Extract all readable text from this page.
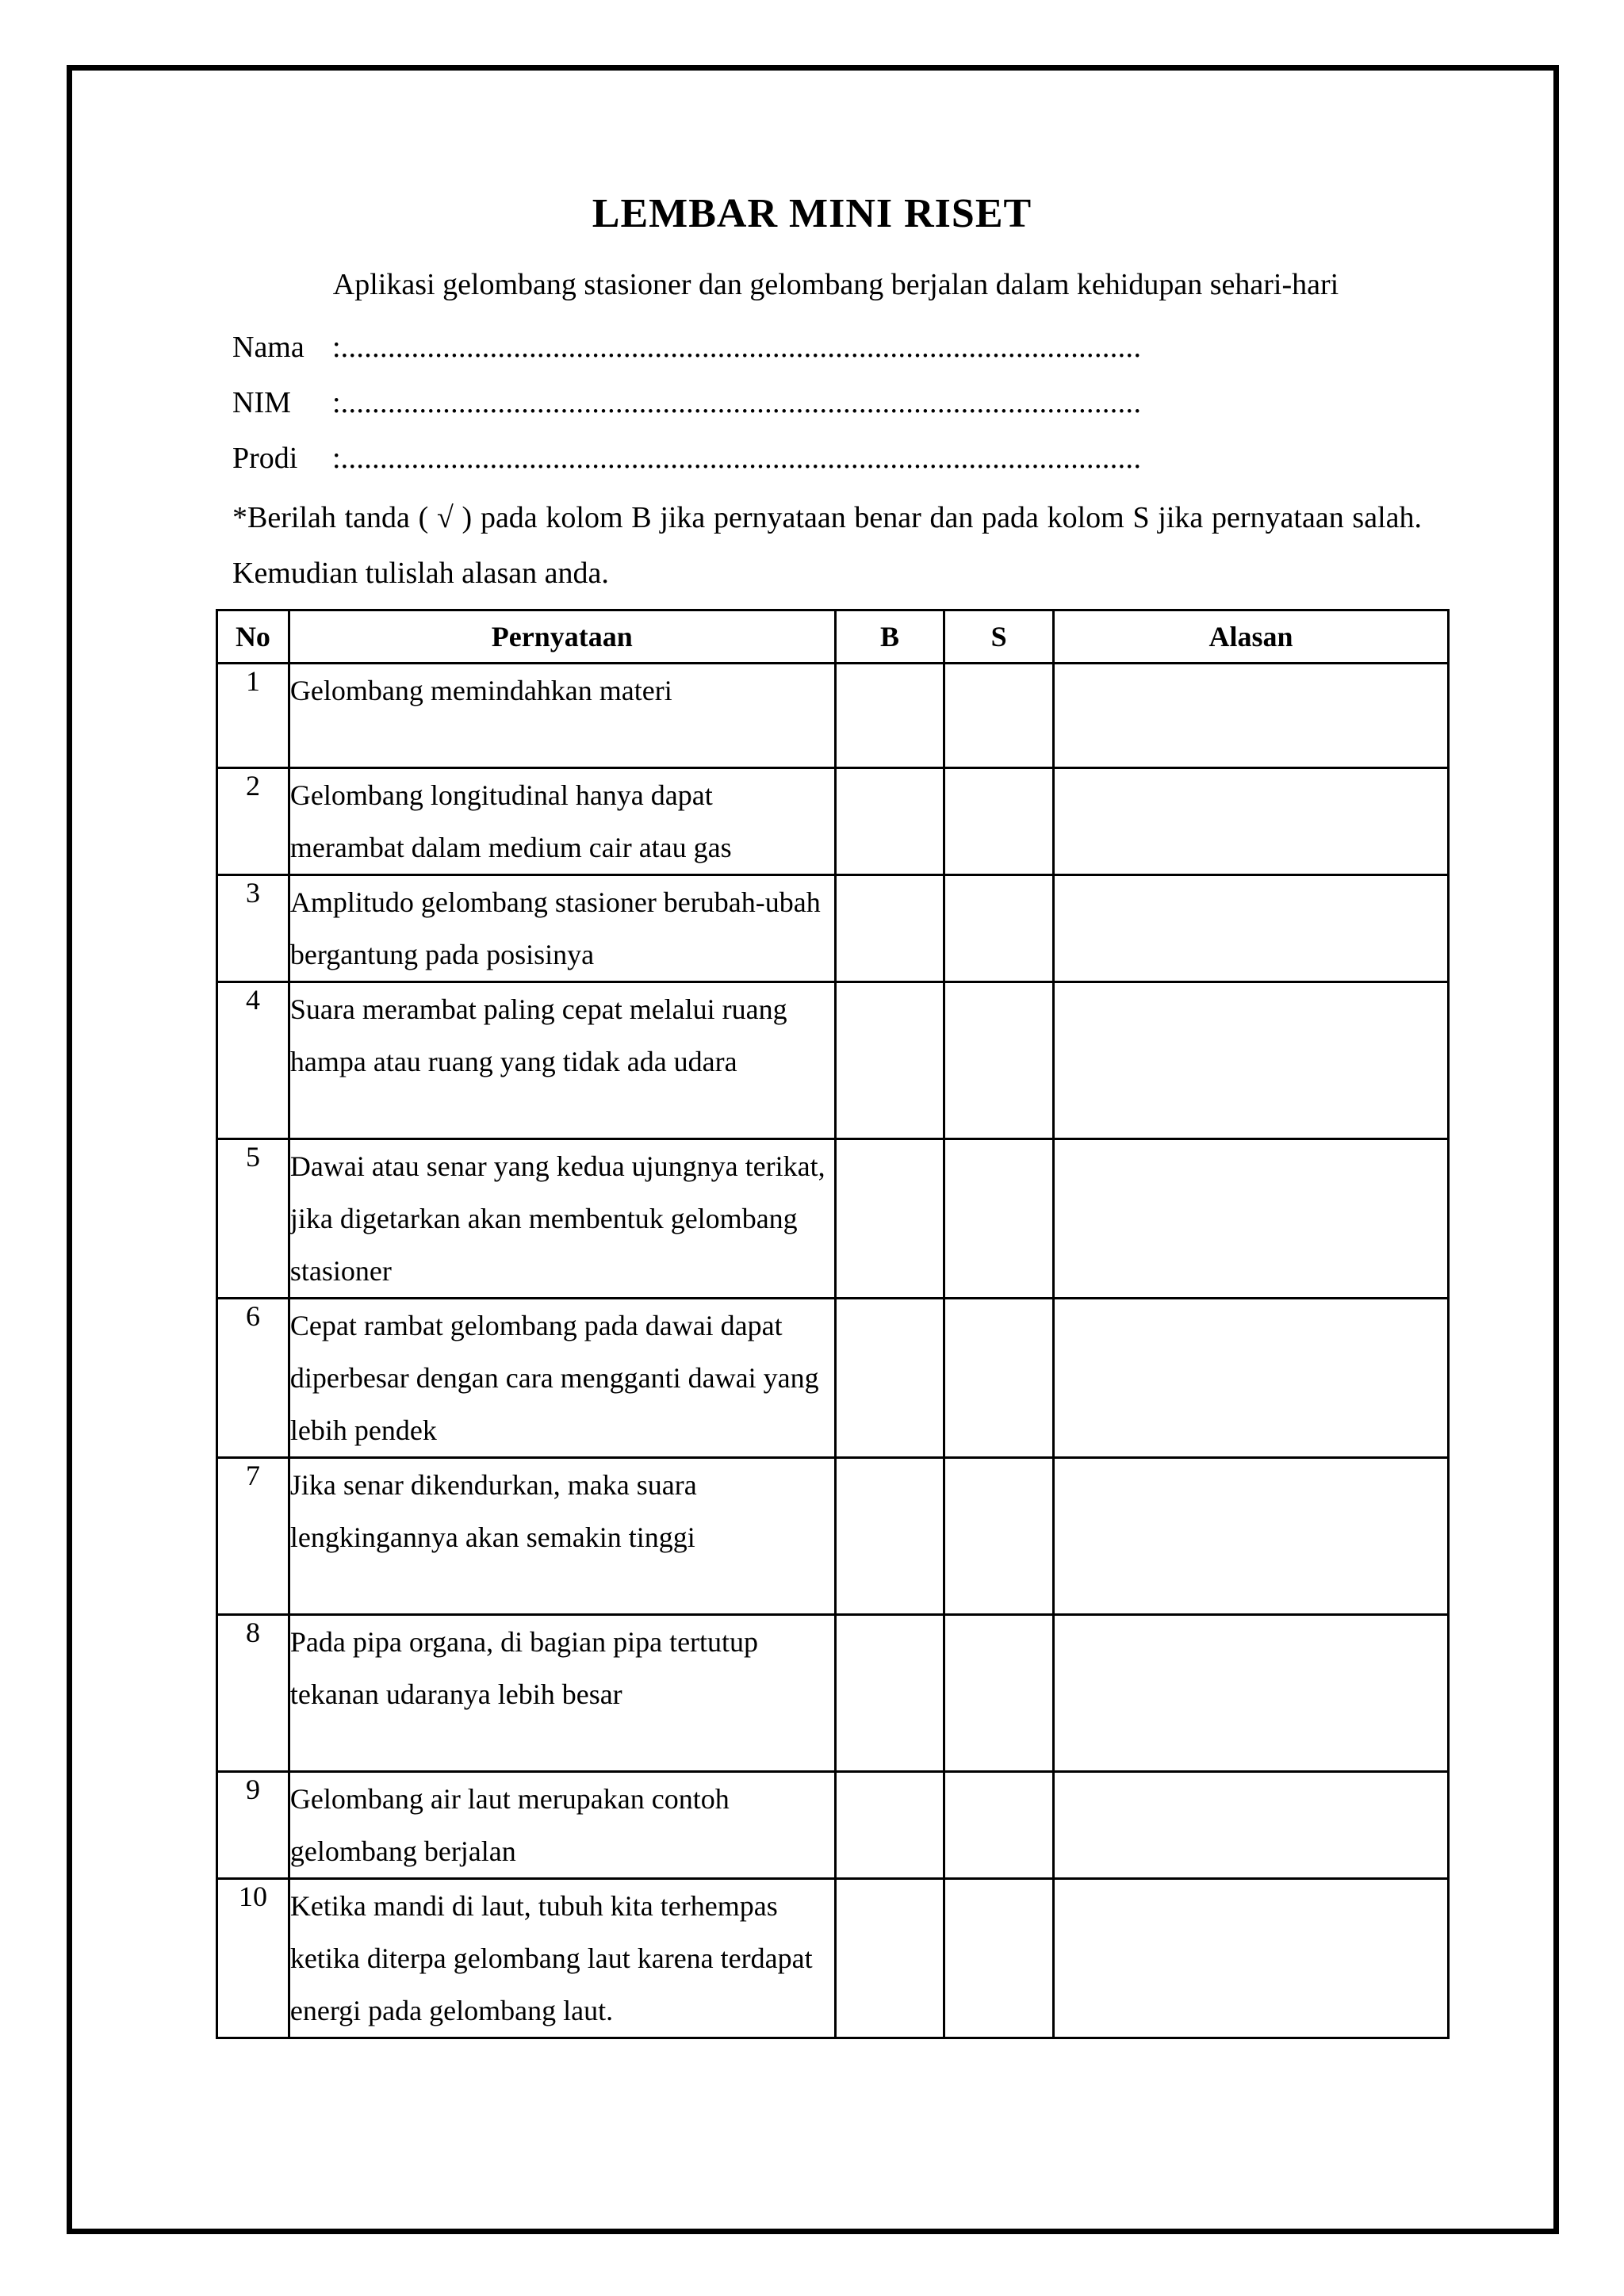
LEMBAR MINI RISET
Aplikasi gelombang stasioner dan gelombang berjalan dalam kehidupan sehari-hari
Nama :......................................................................................................
NIM :......................................................................................................
Prodi :......................................................................................................
*Berilah tanda ( √ ) pada kolom B jika pernyataan benar dan pada kolom S jika pernyataan salah. Kemudian tulislah alasan anda.
No	Pernyataan	B	S	Alasan
1	Gelombang memindahkan materi			
2	Gelombang longitudinal hanya dapat merambat dalam medium cair atau gas			
3	Amplitudo gelombang stasioner berubah-ubah bergantung pada posisinya			
4	Suara merambat paling cepat melalui ruang hampa atau ruang yang tidak ada udara			
5	Dawai atau senar yang kedua ujungnya terikat, jika digetarkan akan membentuk gelombang stasioner			
6	Cepat rambat gelombang pada dawai dapat diperbesar dengan cara mengganti dawai yang lebih pendek			
7	Jika senar dikendurkan, maka suara lengkingannya akan semakin tinggi			
8	Pada pipa organa, di bagian pipa tertutup tekanan udaranya lebih besar			
9	Gelombang air laut merupakan contoh gelombang berjalan			
10	Ketika mandi di laut, tubuh kita terhempas ketika diterpa gelombang laut karena terdapat energi pada gelombang laut.			
